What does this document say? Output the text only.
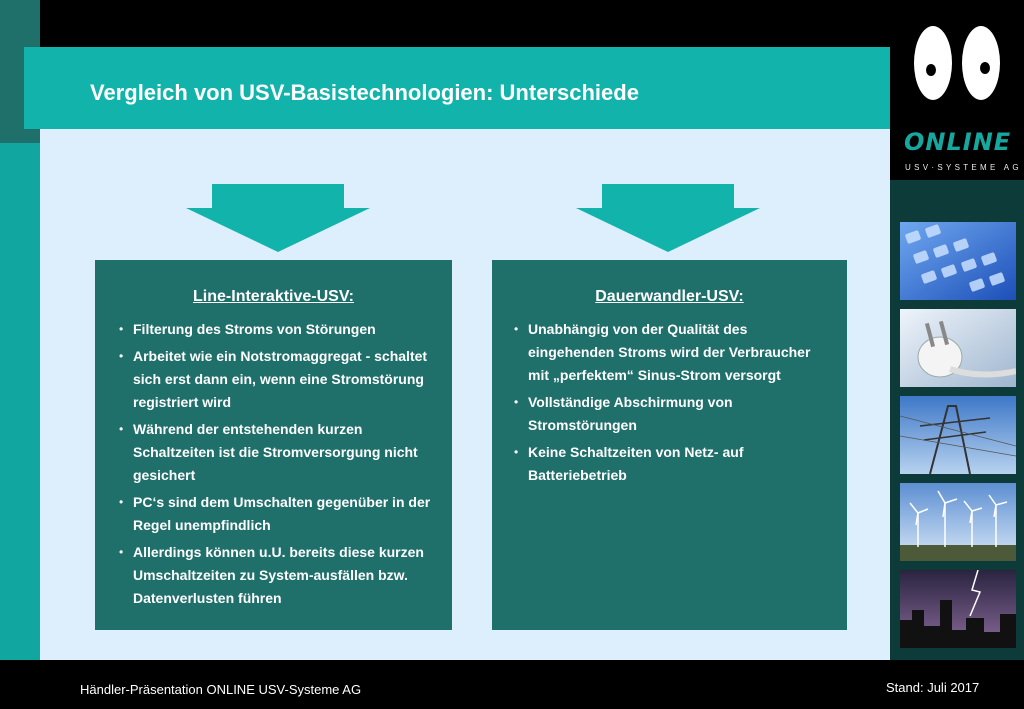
Vergleich von USV-Basistechnologien: Unterschiede
ONLINE
USV·SYSTEME AG
Line-Interaktive-USV:
• Filterung des Stroms von Störungen
• Arbeitet wie ein Notstromaggregat - schaltet sich erst dann ein, wenn eine Stromstörung registriert wird
• Während der entstehenden kurzen Schaltzeiten ist die Stromversorgung nicht gesichert
• PC‘s sind dem Umschalten gegenüber in der Regel unempfindlich
• Allerdings können u.U. bereits diese kurzen Umschaltzeiten zu System-ausfällen bzw. Datenverlusten führen
Dauerwandler-USV:
• Unabhängig von der Qualität des eingehenden Stroms wird der Verbraucher mit „perfektem“ Sinus-Strom versorgt
• Vollständige Abschirmung von Stromstörungen
• Keine Schaltzeiten von Netz- auf Batteriebetrieb
Händler-Präsentation ONLINE USV-Systeme AG	Stand: Juli 2017
